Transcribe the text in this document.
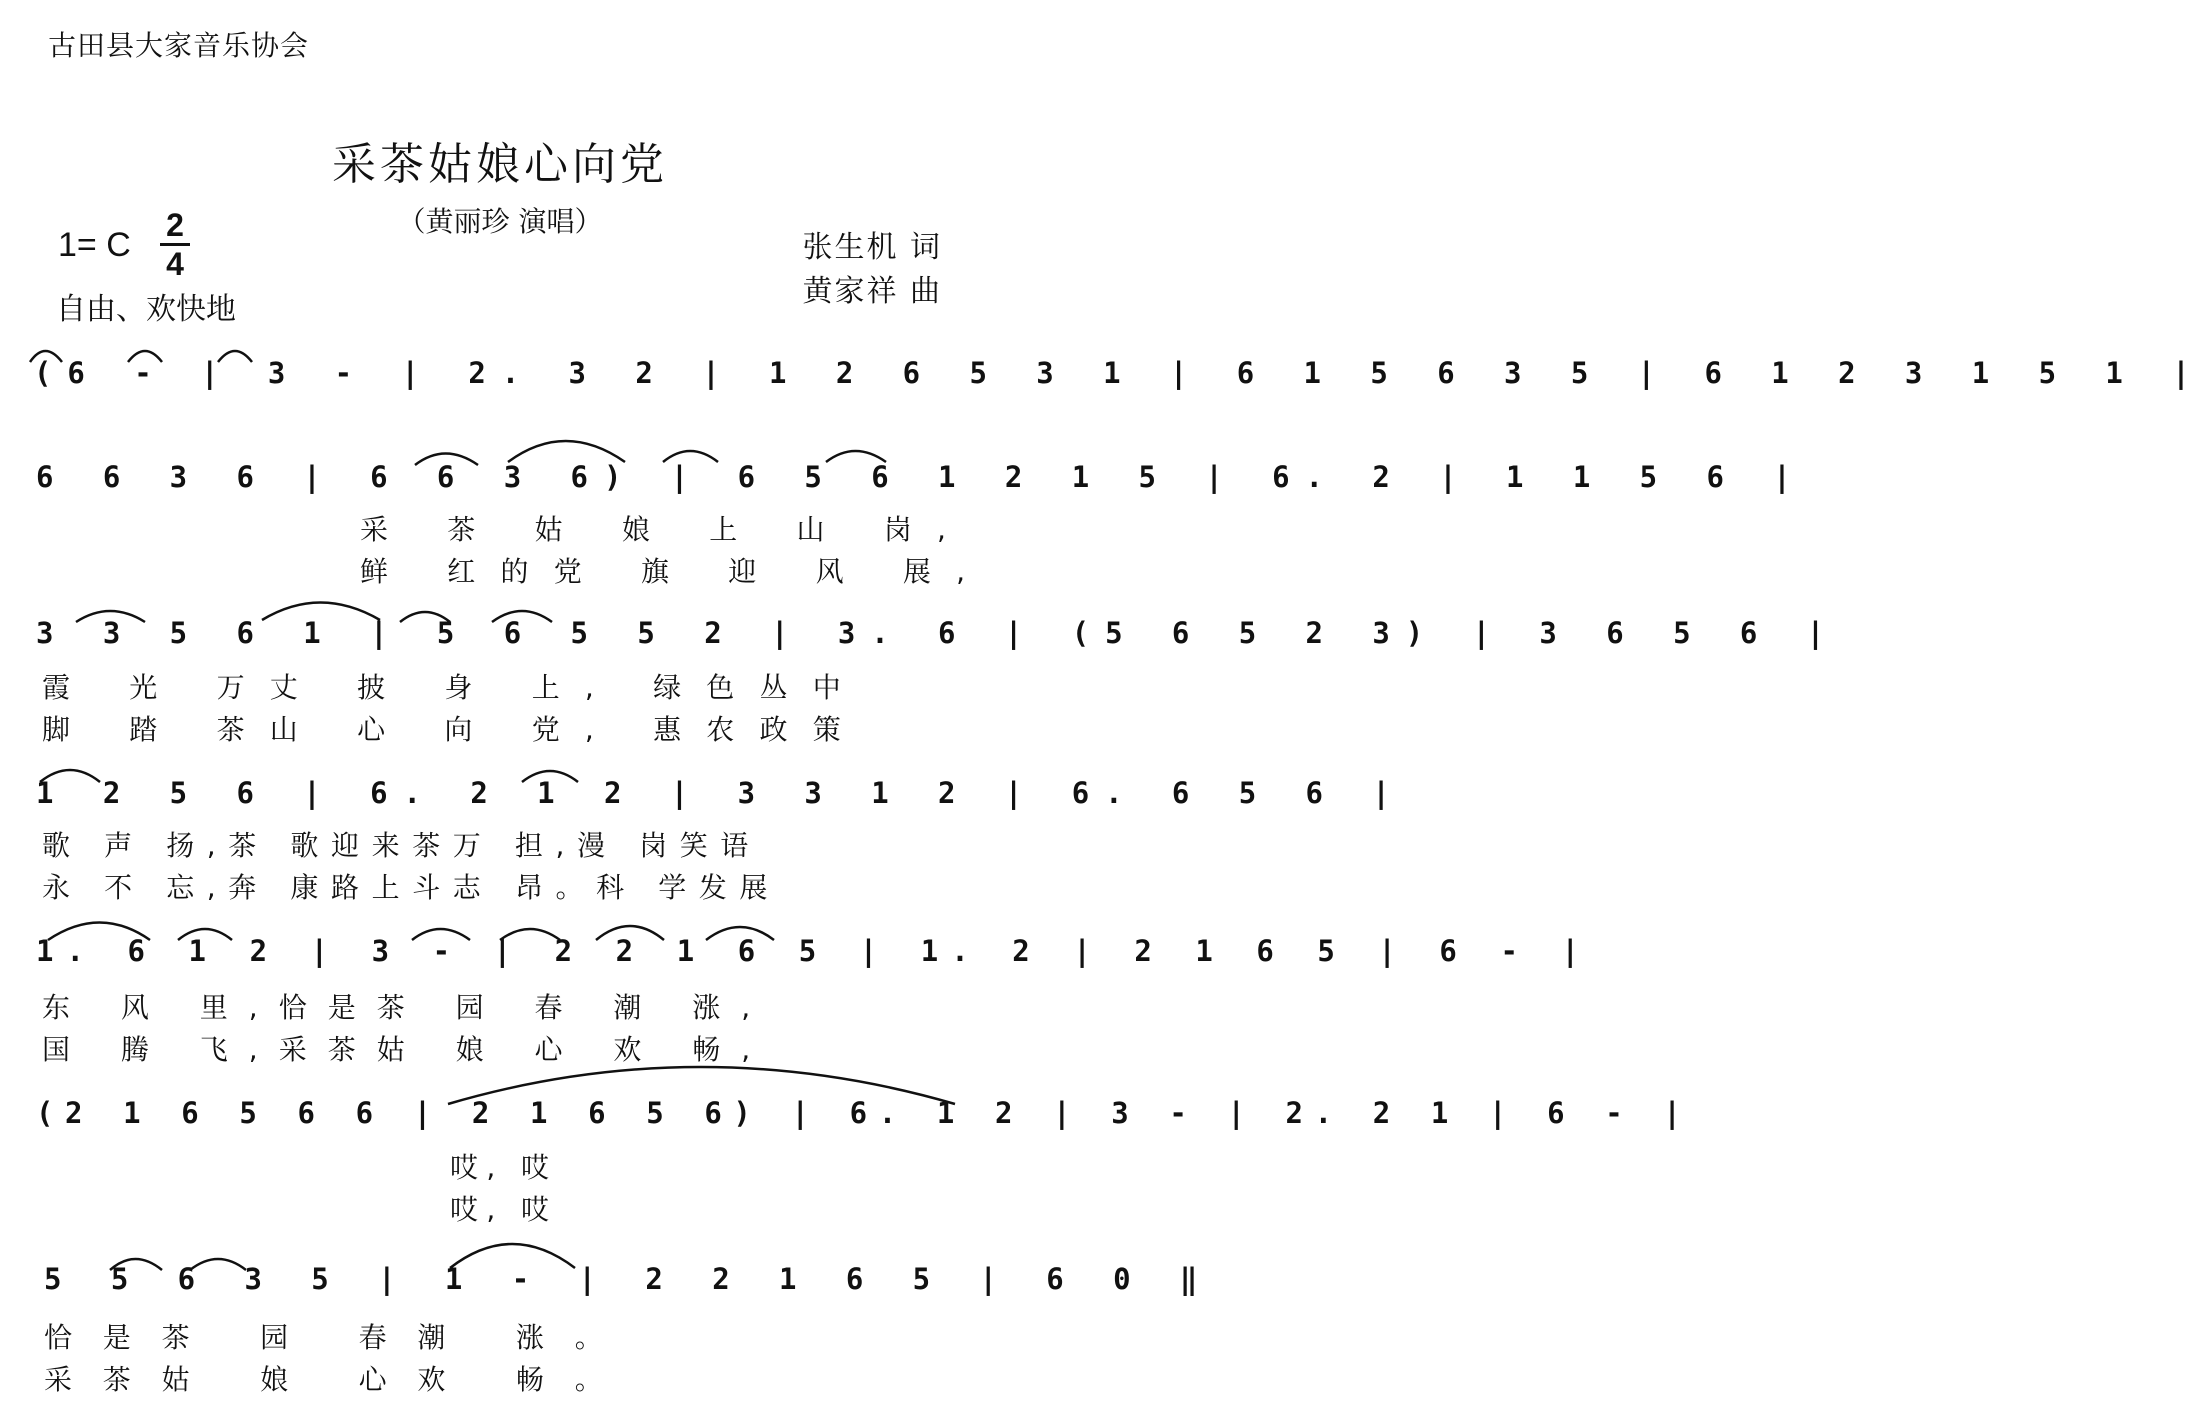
古田县大家音乐协会
采茶姑娘心向党
（黄丽珍 演唱）
张生机 词
黄家祥 曲
1= C
2
4
自由、欢快地
(6 - | 3 - | 2. 3 2 | 1 2 6 5 3 1 | 6 1 5 6 3 5 | 6 1 2 3 1 5 1 |
6 6 3 6 | 6 6 3 6) | 6 5 6 1 2 1 5 | 6. 2 | 1 1 5 6 |
采 茶 姑 娘 上 山 岗,
鲜 红的党 旗 迎 风 展,
3 3 5 6 1 | 5 6 5 5 2 | 3. 6 | (5 6 5 2 3) | 3 6 5 6 |
霞 光 万丈 披 身 上, 绿色丛中
脚 踏 茶山 心 向 党, 惠农政策
1 2 5 6 | 6. 2 1 2 | 3 3 1 2 | 6. 6 5 6 |
歌 声 扬,茶 歌迎来茶万 担,漫 岗笑语
永 不 忘,奔 康路上斗志 昂。科 学发展
1. 6 1 2 | 3 - | 2 2 1 6 5 | 1. 2 | 2 1 6 5 | 6 - |
东 风 里,恰是茶 园 春 潮 涨,
国 腾 飞,采茶姑 娘 心 欢 畅,
(2 1 6 5 6 6 | 2 1 6 5 6) | 6. 1 2 | 3 - | 2. 2 1 | 6 - |
哎, 哎
哎, 哎
5 5 6 3 5 | 1 - | 2 2 1 6 5 | 6 0 ‖
恰是茶 园 春潮 涨。
采茶姑 娘 心欢 畅。
